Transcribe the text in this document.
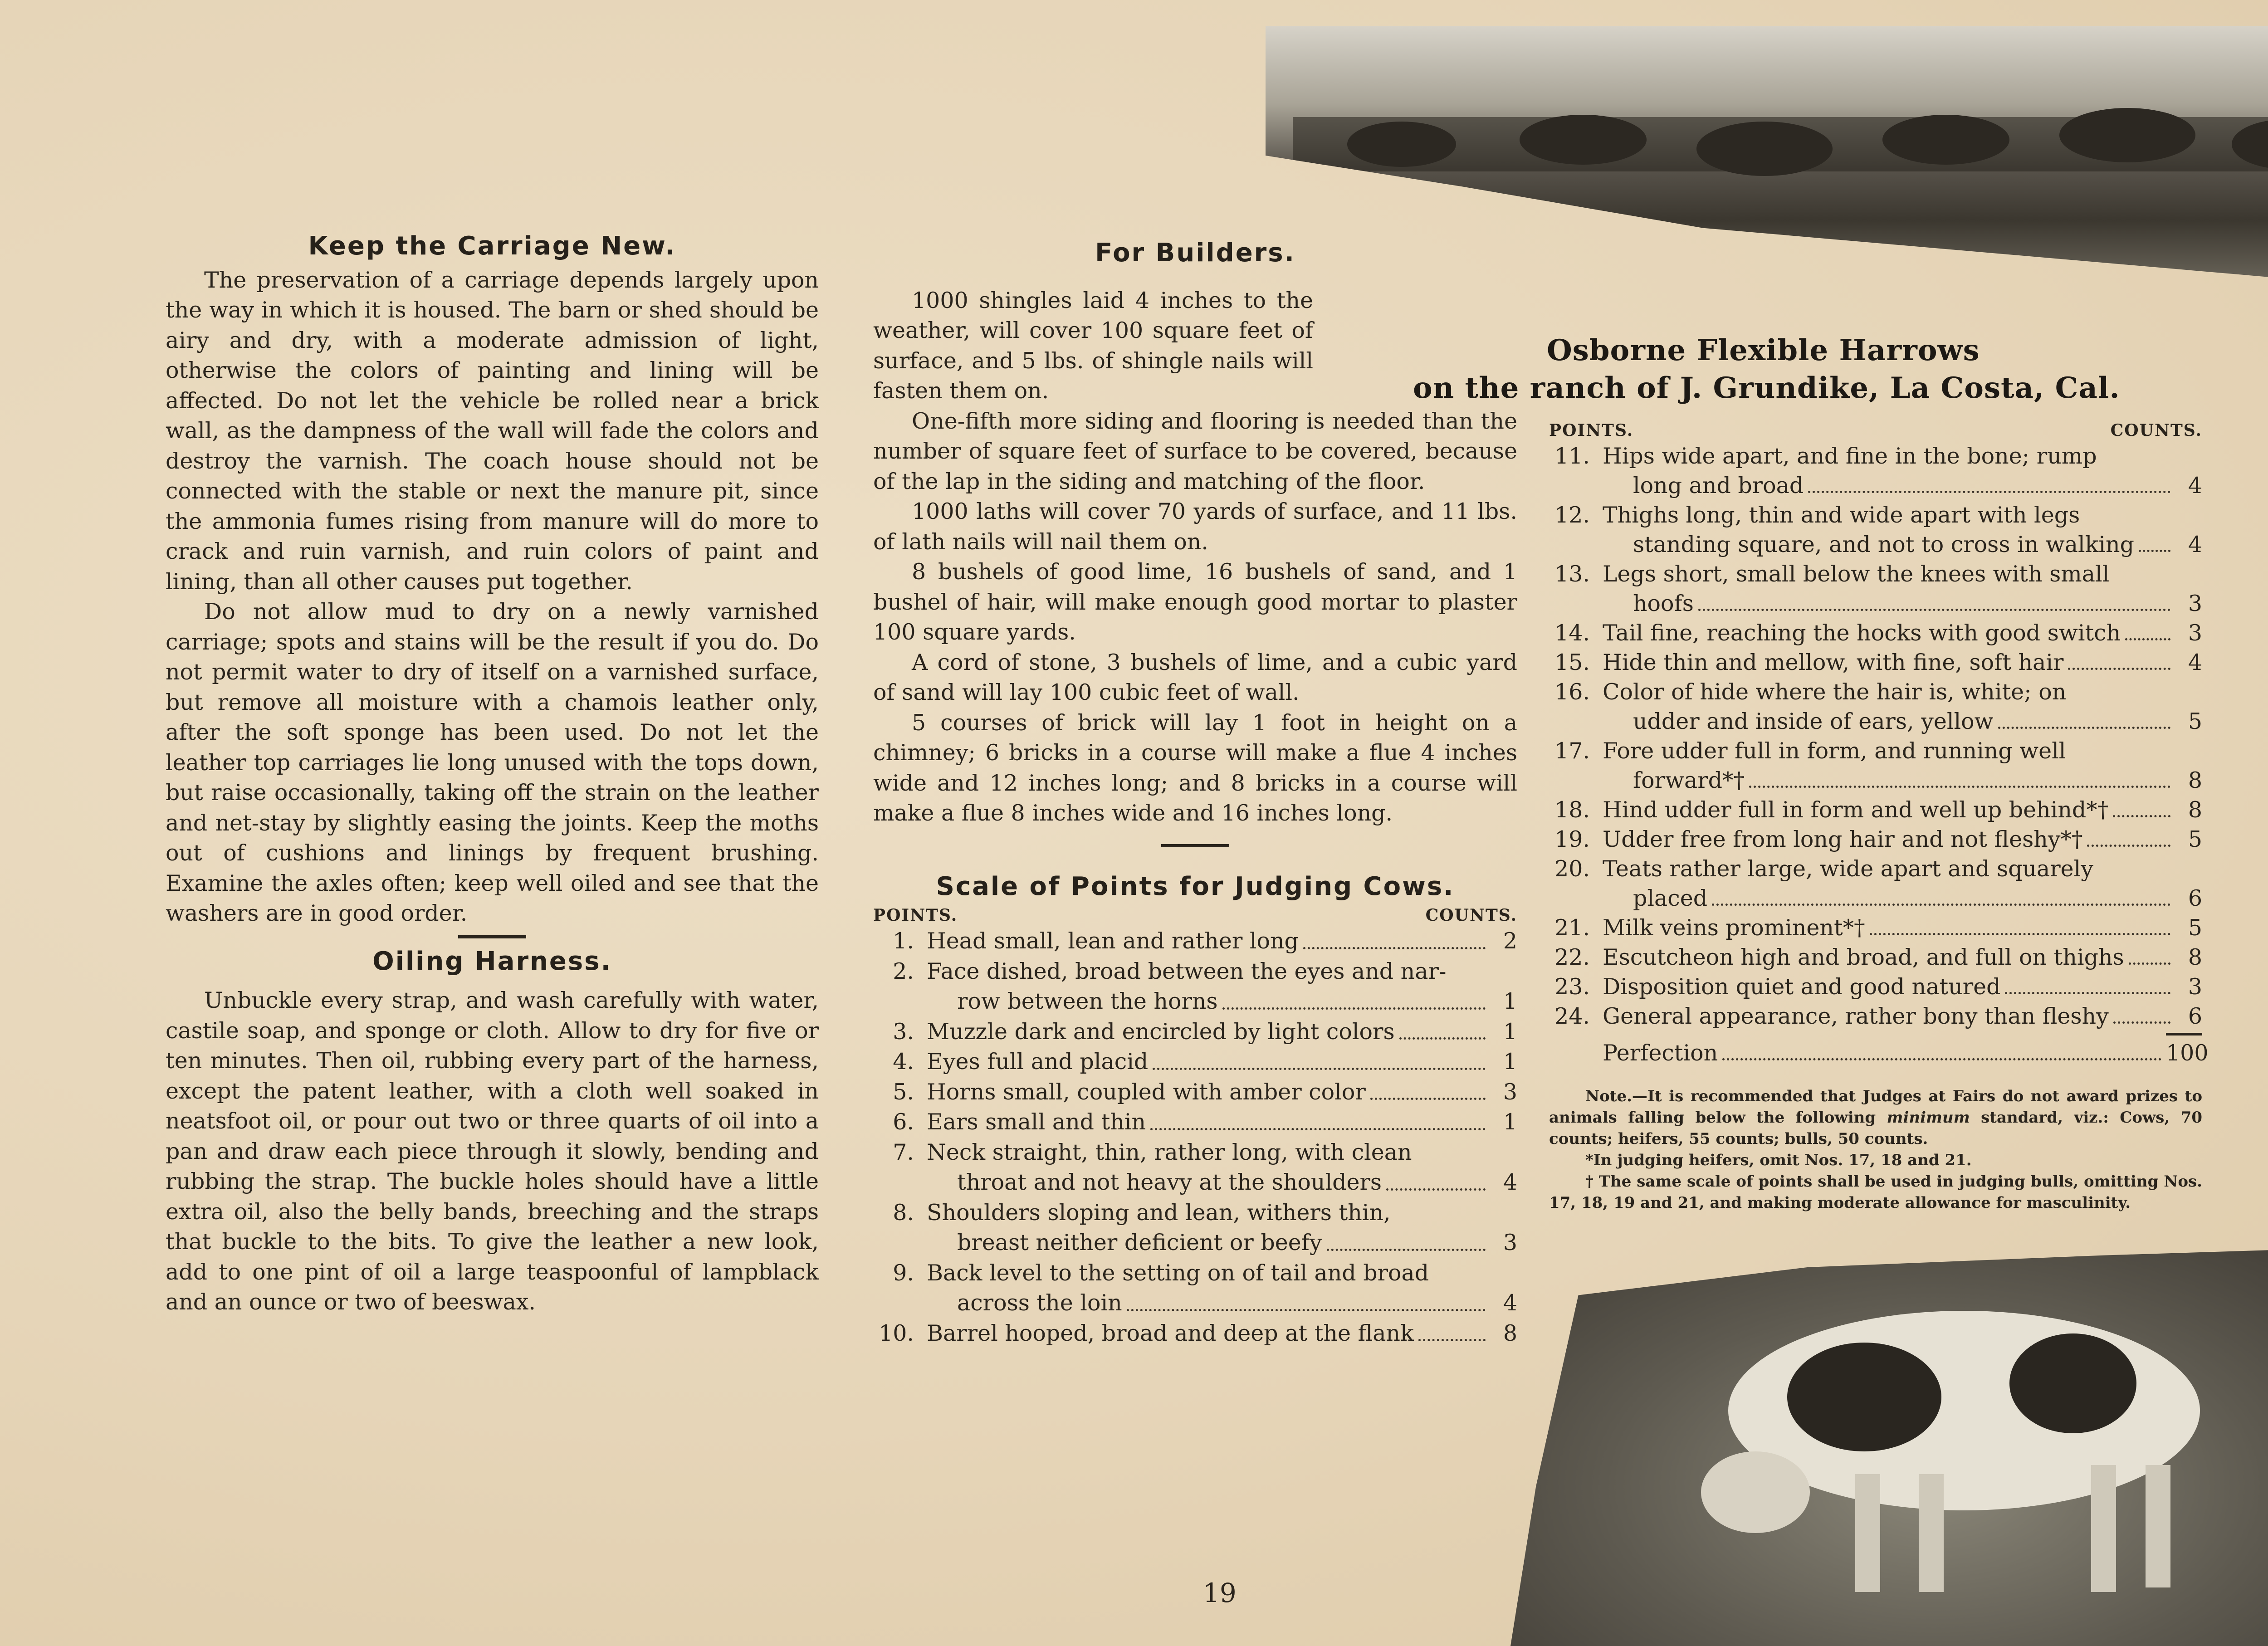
Keep the Carriage New.

The preservation of a carriage depends largely upon the way in which it is housed. The barn or shed should be airy and dry, with a moderate admission of light, otherwise the colors of painting and lining will be affected. Do not let the vehicle be rolled near a brick wall, as the dampness of the wall will fade the colors and destroy the varnish. The coach house should not be connected with the stable or next the manure pit, since the ammonia fumes rising from manure will do more to crack and ruin varnish, and ruin colors of paint and lining, than all other causes put together.

Do not allow mud to dry on a newly varnished carriage; spots and stains will be the result if you do. Do not permit water to dry of itself on a varnished surface, but remove all moisture with a chamois leather only, after the soft sponge has been used. Do not let the leather top carriages lie long unused with the tops down, but raise occasionally, taking off the strain on the leather and net-stay by slightly easing the joints. Keep the moths out of cushions and linings by frequent brushing. Examine the axles often; keep well oiled and see that the washers are in good order.

Oiling Harness.

Unbuckle every strap, and wash carefully with water, castile soap, and sponge or cloth. Allow to dry for five or ten minutes. Then oil, rubbing every part of the harness, except the patent leather, with a cloth well soaked in neatsfoot oil, or pour out two or three quarts of oil into a pan and draw each piece through it slowly, bending and rubbing the strap. The buckle holes should have a little extra oil, also the belly bands, breeching and the straps that buckle to the bits. To give the leather a new look, add to one pint of oil a large teaspoonful of lampblack and an ounce or two of beeswax.

For Builders.

1000 shingles laid 4 inches to the weather, will cover 100 square feet of surface, and 5 lbs. of shingle nails will fasten them on.

One-fifth more siding and flooring is needed than the number of square feet of surface to be covered, because of the lap in the siding and matching of the floor.

1000 laths will cover 70 yards of surface, and 11 lbs. of lath nails will nail them on.

8 bushels of good lime, 16 bushels of sand, and 1 bushel of hair, will make enough good mortar to plaster 100 square yards.

A cord of stone, 3 bushels of lime, and a cubic yard of sand will lay 100 cubic feet of wall.

5 courses of brick will lay 1 foot in height on a chimney; 6 bricks in a course will make a flue 4 inches wide and 12 inches long; and 8 bricks in a course will make a flue 8 inches wide and 16 inches long.

Scale of Points for Judging Cows.
POINTS.	COUNTS.
1. Head small, lean and rather long	2
2. Face dished, broad between the eyes and nar-
row between the horns	1
3. Muzzle dark and encircled by light colors	1
4. Eyes full and placid	1
5. Horns small, coupled with amber color	3
6. Ears small and thin	1
7. Neck straight, thin, rather long, with clean
throat and not heavy at the shoulders	4
8. Shoulders sloping and lean, withers thin,
breast neither deficient or beefy	3
9. Back level to the setting on of tail and broad
across the loin	4
10. Barrel hooped, broad and deep at the flank	8
Osborne Flexible Harrows
on the ranch of J. Grundike, La Costa, Cal.
POINTS.	COUNTS.
11. Hips wide apart, and fine in the bone; rump
long and broad	4
12. Thighs long, thin and wide apart with legs
standing square, and not to cross in walking	4
13. Legs short, small below the knees with small
hoofs	3
14. Tail fine, reaching the hocks with good switch	3
15. Hide thin and mellow, with fine, soft hair	4
16. Color of hide where the hair is, white; on
udder and inside of ears, yellow	5
17. Fore udder full in form, and running well
forward*†	8
18. Hind udder full in form and well up behind*†	8
19. Udder free from long hair and not fleshy*†	5
20. Teats rather large, wide apart and squarely
placed	6
21. Milk veins prominent*†	5
22. Escutcheon high and broad, and full on thighs	8
23. Disposition quiet and good natured	3
24. General appearance, rather bony than fleshy	6
Perfection	100
Note.—It is recommended that Judges at Fairs do not award prizes to animals falling below the following minimum standard, viz.: Cows, 70 counts; heifers, 55 counts; bulls, 50 counts.
*In judging heifers, omit Nos. 17, 18 and 21.
† The same scale of points shall be used in judging bulls, omitting Nos. 17, 18, 19 and 21, and making moderate allowance for masculinity.
19
